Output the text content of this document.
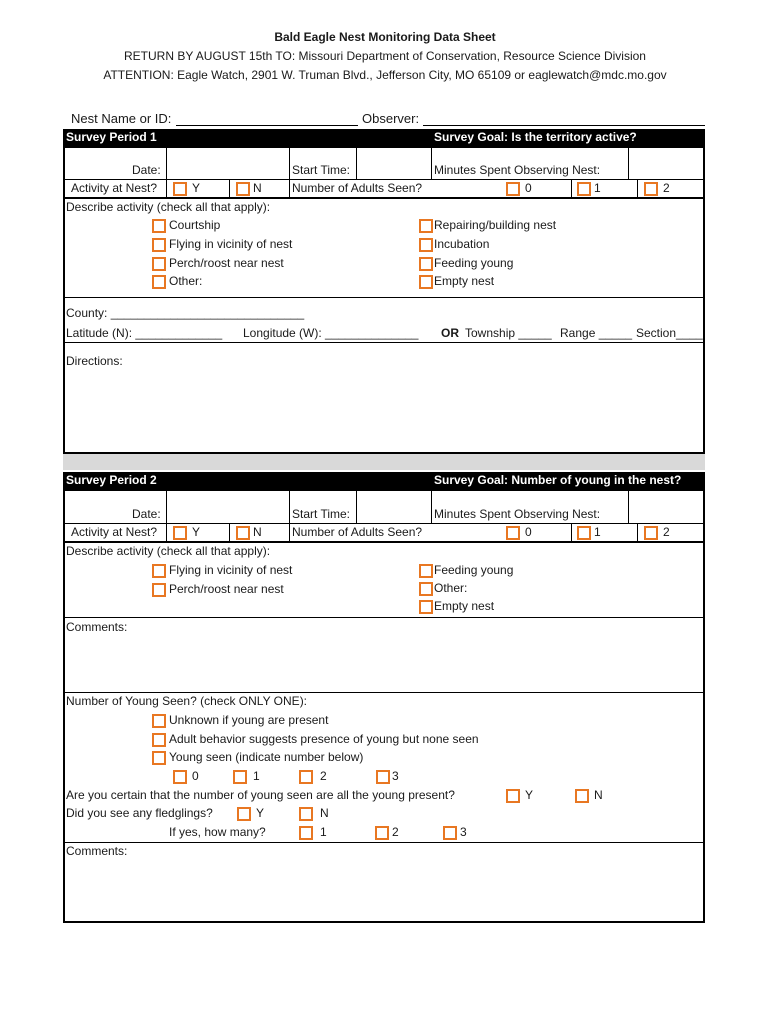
Bald Eagle Nest Monitoring Data Sheet
RETURN BY AUGUST 15th TO: Missouri Department of Conservation, Resource Science Division
ATTENTION: Eagle Watch, 2901 W. Truman Blvd., Jefferson City, MO 65109 or eaglewatch@mdc.mo.gov
Nest Name or ID:	Observer:
Survey Period 1	Survey Goal: Is the territory active?
Date:	Start Time:	Minutes Spent Observing Nest:
Activity at Nest?	Y	N	Number of Adults Seen?	0	1	2
Describe activity (check all that apply):
Courtship
Flying in vicinity of nest
Perch/roost near nest
Other:
Repairing/building nest
Incubation
Feeding young
Empty nest
County: _____________________________
Latitude (N): _____________ Longitude (W): ______________ OR Township _____ Range _____ Section____
Directions:
Survey Period 2	Survey Goal: Number of young in the nest?
Date:	Start Time:	Minutes Spent Observing Nest:
Activity at Nest?	Y	N	Number of Adults Seen?	0	1	2
Describe activity (check all that apply):
Flying in vicinity of nest
Perch/roost near nest
Feeding young
Other:
Empty nest
Comments:
Number of Young Seen? (check ONLY ONE):
Unknown if young are present
Adult behavior suggests presence of young but none seen
Young seen (indicate number below)
0	1	2	3
Are you certain that the number of young seen are all the young present?	Y	N
Did you see any fledglings?	Y	N
If yes, how many?	1	2	3
Comments:
